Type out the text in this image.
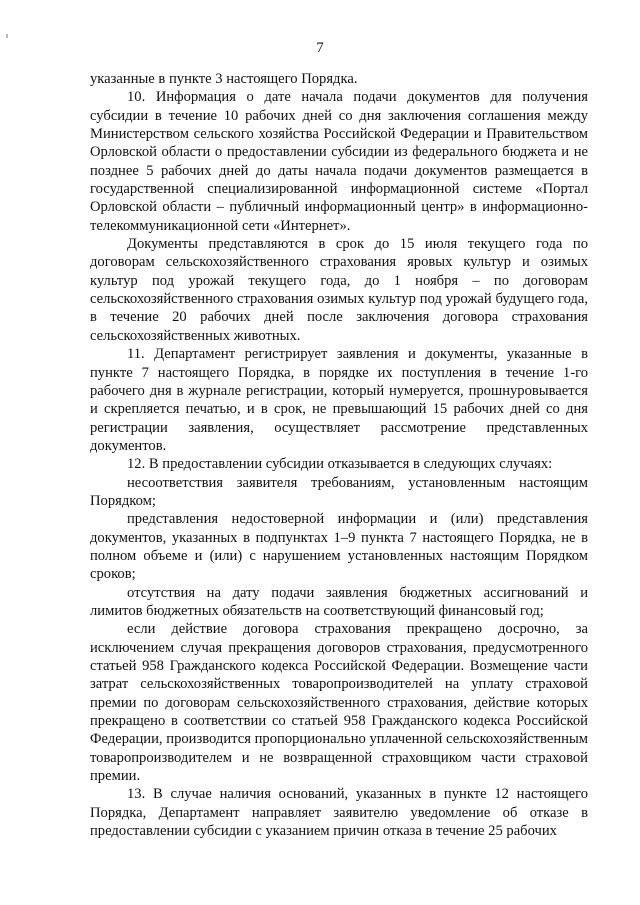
7

указанные в пункте 3 настоящего Порядка.

10. Информация о дате начала подачи документов для получения субсидии в течение 10 рабочих дней со дня заключения соглашения между Министерством сельского хозяйства Российской Федерации и Правительством Орловской области о предоставлении субсидии из федерального бюджета и не позднее 5 рабочих дней до даты начала подачи документов размещается в государственной специализированной информационной системе «Портал Орловской области – публичный информационный центр» в информационно-телекоммуникационной сети «Интернет».

Документы представляются в срок до 15 июля текущего года по договорам сельскохозяйственного страхования яровых культур и озимых культур под урожай текущего года, до 1 ноября – по договорам сельскохозяйственного страхования озимых культур под урожай будущего года, в течение 20 рабочих дней после заключения договора страхования сельскохозяйственных животных.

11. Департамент регистрирует заявления и документы, указанные в пункте 7 настоящего Порядка, в порядке их поступления в течение 1-го рабочего дня в журнале регистрации, который нумеруется, прошнуровывается и скрепляется печатью, и в срок, не превышающий 15 рабочих дней со дня регистрации заявления, осуществляет рассмотрение представленных документов.

12. В предоставлении субсидии отказывается в следующих случаях:

несоответствия заявителя требованиям, установленным настоящим Порядком;

представления недостоверной информации и (или) представления документов, указанных в подпунктах 1–9 пункта 7 настоящего Порядка, не в полном объеме и (или) с нарушением установленных настоящим Порядком сроков;

отсутствия на дату подачи заявления бюджетных ассигнований и лимитов бюджетных обязательств на соответствующий финансовый год;

если действие договора страхования прекращено досрочно, за исключением случая прекращения договоров страхования, предусмотренного статьей 958 Гражданского кодекса Российской Федерации. Возмещение части затрат сельскохозяйственных товаропроизводителей на уплату страховой премии по договорам сельскохозяйственного страхования, действие которых прекращено в соответствии со статьей 958 Гражданского кодекса Российской Федерации, производится пропорционально уплаченной сельскохозяйственным товаропроизводителем и не возвращенной страховщиком части страховой премии.

13. В случае наличия оснований, указанных в пункте 12 настоящего Порядка, Департамент направляет заявителю уведомление об отказе в предоставлении субсидии с указанием причин отказа в течение 25 рабочих
